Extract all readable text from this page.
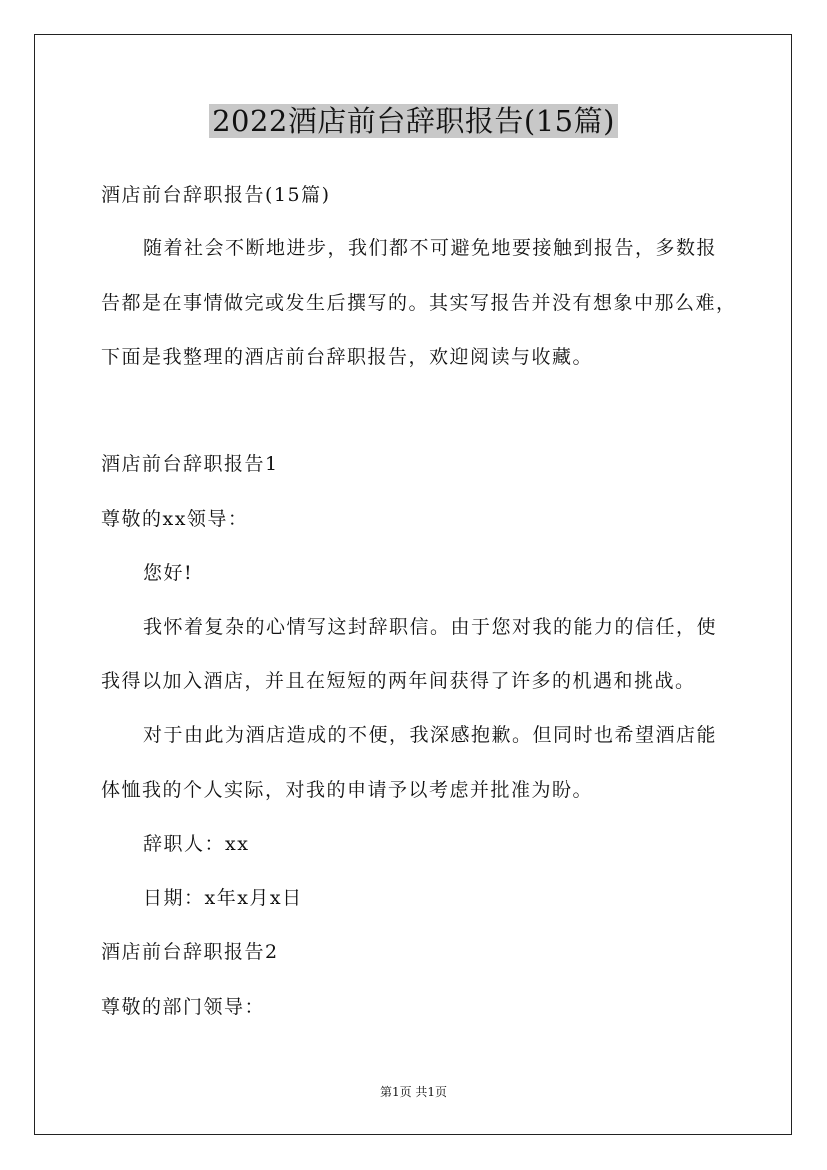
2022酒店前台辞职报告(15篇)
酒店前台辞职报告(15篇)
随着社会不断地进步，我们都不可避免地要接触到报告，多数报
告都是在事情做完或发生后撰写的。其实写报告并没有想象中那么难，
下面是我整理的酒店前台辞职报告，欢迎阅读与收藏。
酒店前台辞职报告1
尊敬的xx领导：
您好!
我怀着复杂的心情写这封辞职信。由于您对我的能力的信任，使
我得以加入酒店，并且在短短的两年间获得了许多的机遇和挑战。
对于由此为酒店造成的不便，我深感抱歉。但同时也希望酒店能
体恤我的个人实际，对我的申请予以考虑并批准为盼。
辞职人：xx
日期：x年x月x日
酒店前台辞职报告2
尊敬的部门领导：
第1页 共1页
